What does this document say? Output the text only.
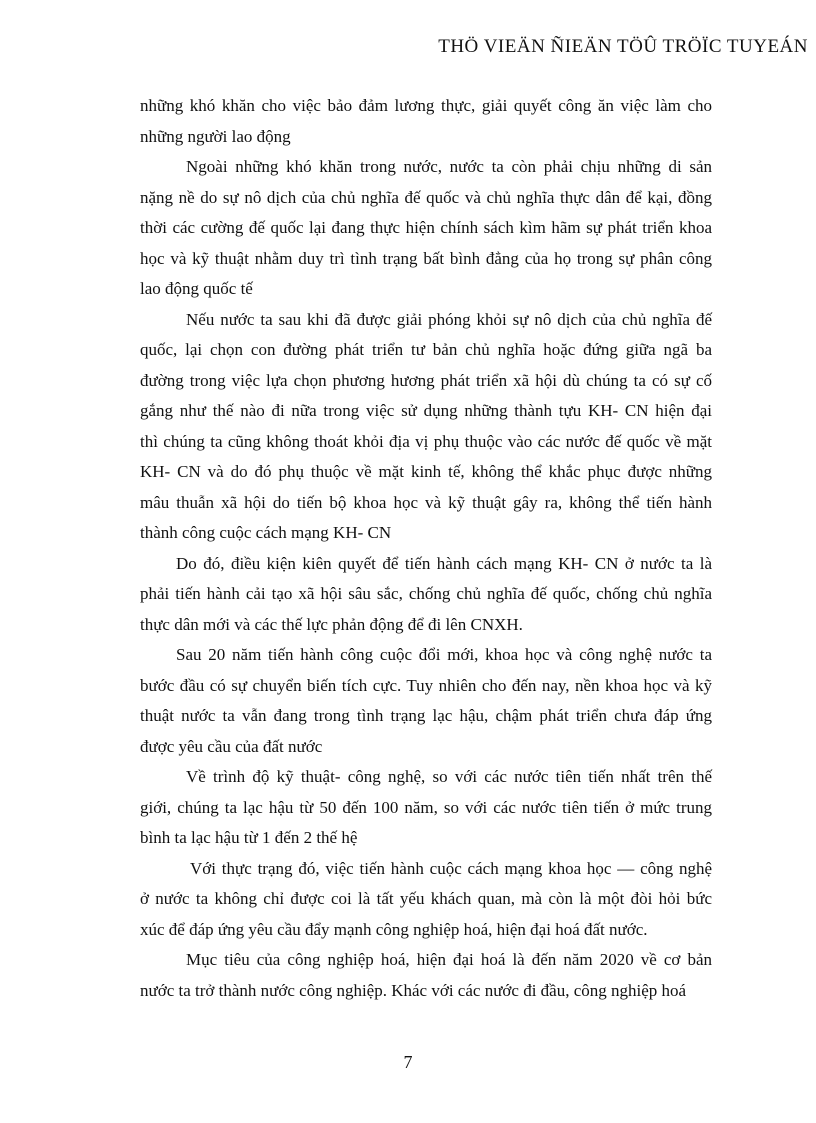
THÖ VIEÄN ÑIEÄN TÖÛ TRÖÏC TUYEÁN
những khó khăn cho việc bảo đảm lương thực, giải quyết công ăn việc làm cho
những người lao động
Ngoài những khó khăn trong nước, nước ta còn phải chịu những di sản
nặng nề do sự nô dịch của chủ nghĩa đế quốc và chủ nghĩa thực dân để kại, đồng
thời các cường đế quốc lại đang thực hiện chính sách kìm hãm sự phát triển khoa
học và kỹ thuật nhằm duy trì tình trạng bất bình đẳng của họ trong sự phân công
lao động quốc tế
Nếu nước ta sau khi đã được giải phóng khỏi sự nô dịch của chủ nghĩa đế
quốc, lại chọn con đường phát triển tư bản chủ nghĩa hoặc đứng giữa ngã ba
đường trong việc lựa chọn phương hương phát triển xã hội dù chúng ta có sự cố
gắng như thế nào đi nữa trong việc sử dụng những thành tựu KH- CN hiện đại
thì chúng ta cũng không thoát khỏi địa vị phụ thuộc vào các nước đế quốc về mặt
KH- CN và do đó phụ thuộc về mặt kinh tế, không thể khắc phục được những
mâu thuẫn xã hội do tiến bộ khoa học và kỹ thuật gây ra, không thể tiến hành
thành công cuộc cách mạng KH- CN
Do đó, điều kiện kiên quyết để tiến hành cách mạng KH- CN ở nước ta là
phải tiến hành cải tạo xã hội sâu sắc, chống chủ nghĩa đế quốc, chống chủ nghĩa
thực dân mới và các thế lực phản động để đi lên CNXH.
Sau 20 năm tiến hành công cuộc đổi mới, khoa học và công nghệ nước ta
bước đầu có sự chuyển biến tích cực. Tuy nhiên cho đến nay, nền khoa học và kỹ
thuật nước ta vẫn đang trong tình trạng lạc hậu, chậm phát triển chưa đáp ứng
được yêu cầu của đất nước
Về trình độ kỹ thuật- công nghệ, so với các nước tiên tiến nhất trên thế
giới, chúng ta lạc hậu từ 50 đến 100 năm, so với các nước tiên tiến ở mức trung
bình ta lạc hậu từ 1 đến 2 thế hệ
Với thực trạng đó, việc tiến hành cuộc cách mạng khoa học — công nghệ
ở nước ta không chỉ được coi là tất yếu khách quan, mà còn là một đòi hỏi bức
xúc để đáp ứng yêu cầu đẩy mạnh công nghiệp hoá, hiện đại hoá đất nước.
Mục tiêu của công nghiệp hoá, hiện đại hoá là đến năm 2020 về cơ bản
nước ta trở thành nước công nghiệp. Khác với các nước đi đầu, công nghiệp hoá
7
